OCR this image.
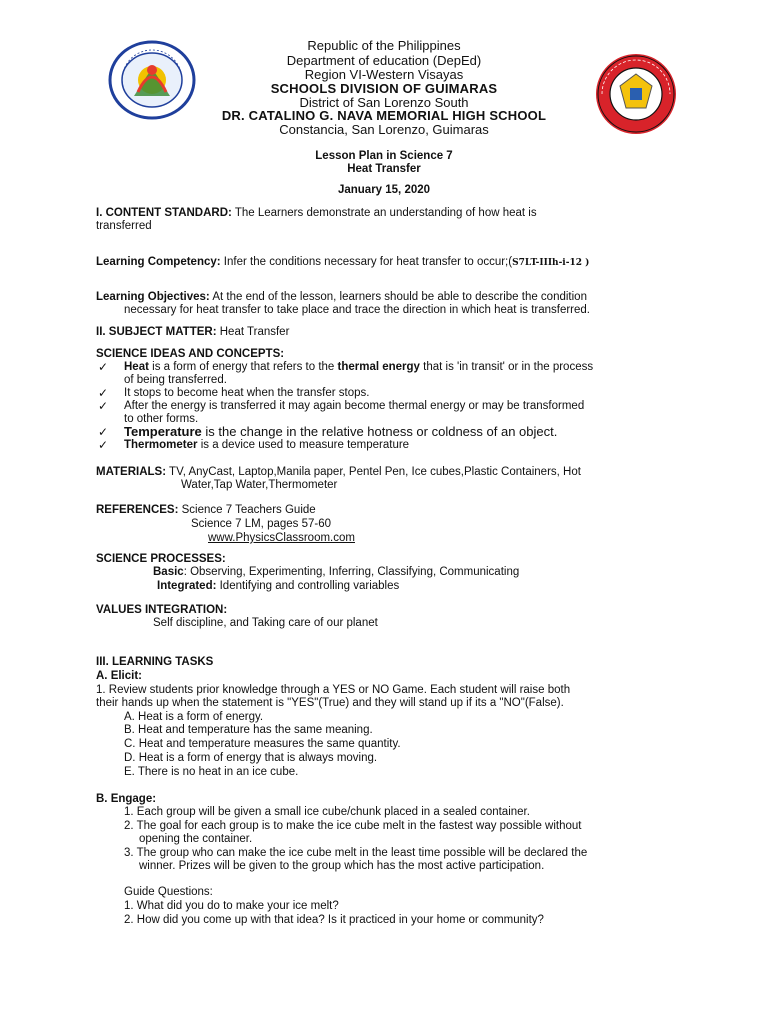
Republic of the Philippines
Department of education (DepEd)
Region VI-Western Visayas
SCHOOLS DIVISION OF GUIMARAS
District of San Lorenzo South
DR. CATALINO G. NAVA MEMORIAL HIGH SCHOOL
Constancia, San Lorenzo, Guimaras
Lesson Plan in Science 7
Heat Transfer
January 15, 2020
I. CONTENT STANDARD: The Learners demonstrate an understanding of how heat is
transferred
Learning Competency: Infer the conditions necessary for heat transfer to occur;(S7LT-IIIh-i-12 )
Learning Objectives: At the end of the lesson, learners should be able to describe the condition
necessary for heat transfer to take place and trace the direction in which heat is transferred.
II. SUBJECT MATTER: Heat Transfer
SCIENCE IDEAS AND CONCEPTS:
✓ Heat is a form of energy that refers to the thermal energy that is 'in transit' or in the process
of being transferred.
✓ It stops to become heat when the transfer stops.
✓ After the energy is transferred it may again become thermal energy or may be transformed
to other forms.
✓ Temperature is the change in the relative hotness or coldness of an object.
✓ Thermometer is a device used to measure temperature
MATERIALS: TV, AnyCast, Laptop,Manila paper, Pentel Pen, Ice cubes,Plastic Containers, Hot
Water,Tap Water,Thermometer
REFERENCES: Science 7 Teachers Guide
Science 7 LM, pages 57-60
www.PhysicsClassroom.com
SCIENCE PROCESSES:
Basic: Observing, Experimenting, Inferring, Classifying, Communicating
Integrated: Identifying and controlling variables
VALUES INTEGRATION:
Self discipline, and Taking care of our planet
III. LEARNING TASKS
A. Elicit:
1. Review students prior knowledge through a YES or NO Game. Each student will raise both
their hands up when the statement is "YES"(True) and they will stand up if its a "NO"(False).
A. Heat is a form of energy.
B. Heat and temperature has the same meaning.
C. Heat and temperature measures the same quantity.
D. Heat is a form of energy that is always moving.
E. There is no heat in an ice cube.
B. Engage:
1. Each group will be given a small ice cube/chunk placed in a sealed container.
2. The goal for each group is to make the ice cube melt in the fastest way possible without
opening the container.
3. The group who can make the ice cube melt in the least time possible will be declared the
winner. Prizes will be given to the group which has the most active participation.
Guide Questions:
1. What did you do to make your ice melt?
2. How did you come up with that idea? Is it practiced in your home or community?
